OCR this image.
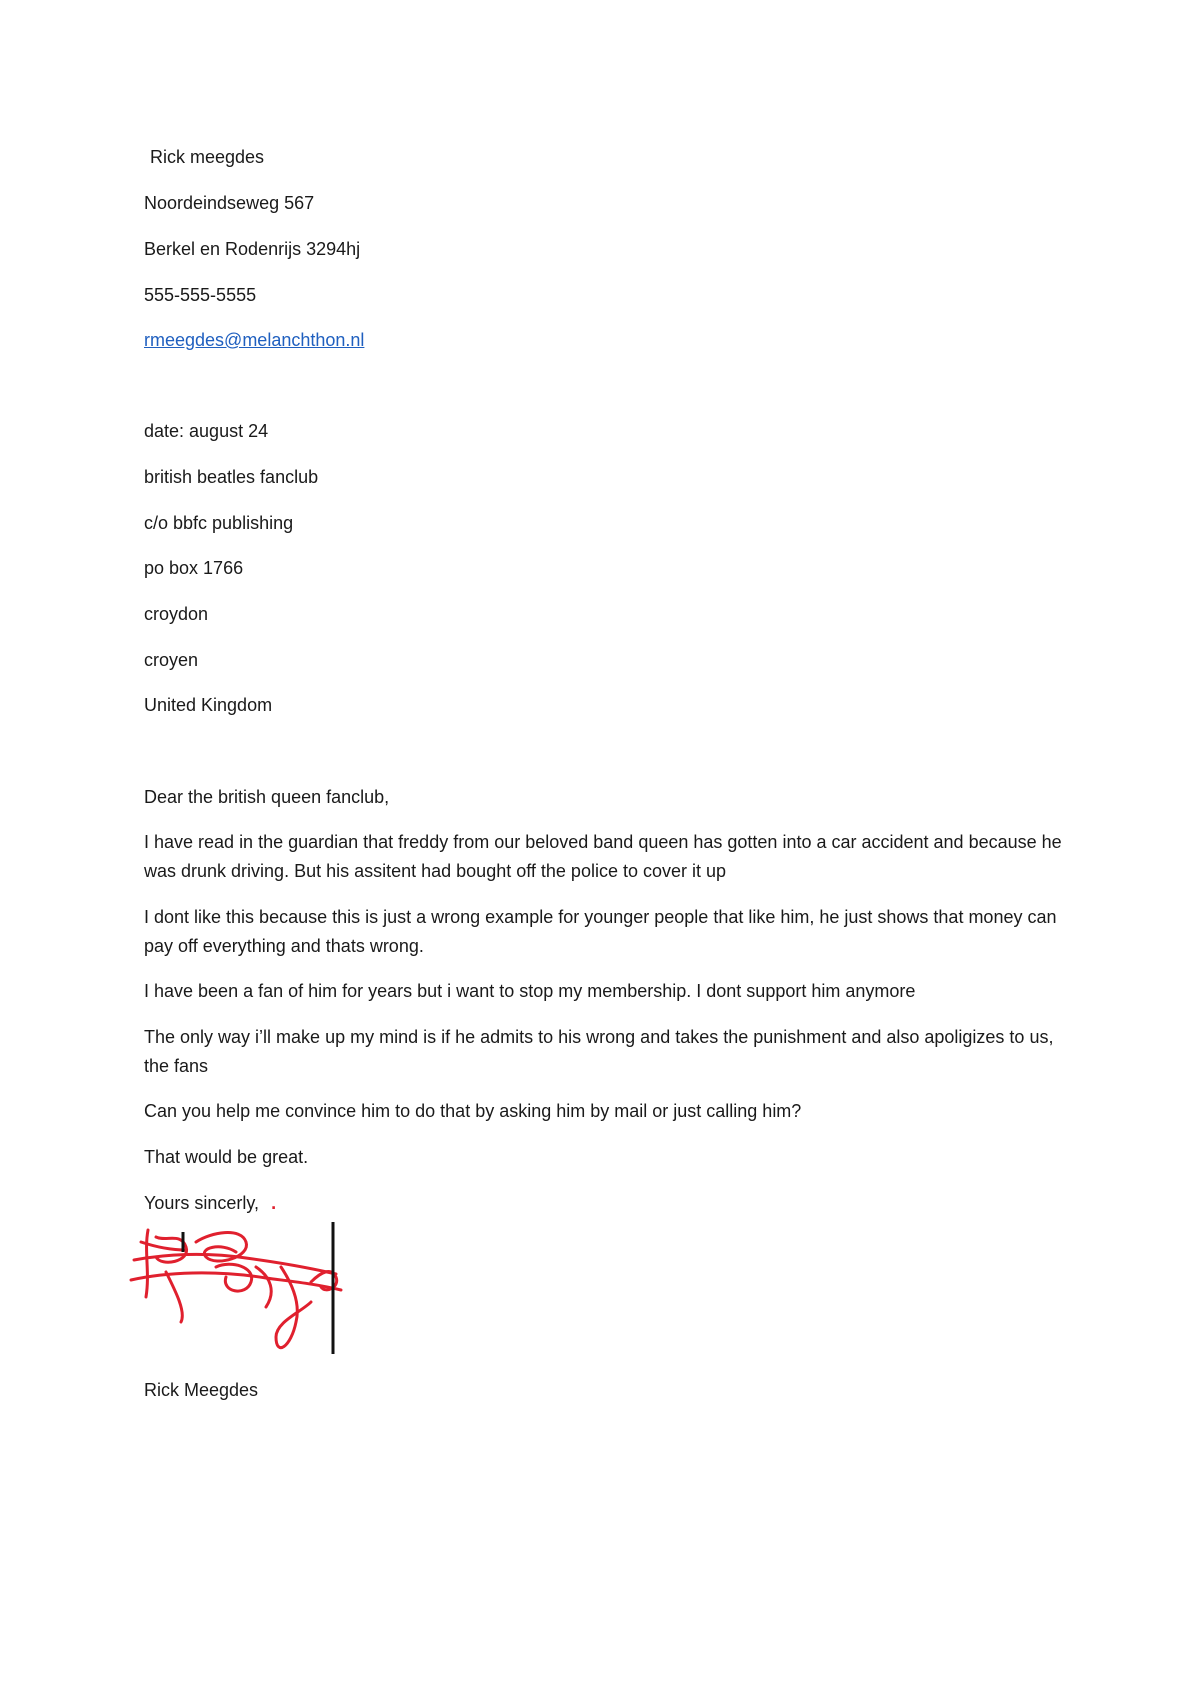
Rick meegdes
Noordeindseweg 567
Berkel en Rodenrijs 3294hj
555-555-5555
rmeegdes@melanchthon.nl
date: august 24
british beatles fanclub
c/o bbfc publishing
po box 1766
croydon
croyen
United Kingdom
Dear the british queen fanclub,
I have read in the guardian that freddy from our beloved band queen has gotten into a car accident and because he was drunk driving. But his assitent had bought off the police to cover it up
I dont like this because this is just a wrong example for younger people that like him, he just shows that money can pay off everything and thats wrong.
I have been a fan of him for years but i want to stop my membership. I dont support him anymore
The only way i’ll make up my mind is if he admits to his wrong and takes the punishment and also apoligizes to us, the fans
Can you help me convince him to do that by asking him by mail or just calling him?
That would be great.
Yours sincerly, .
Rick Meegdes
